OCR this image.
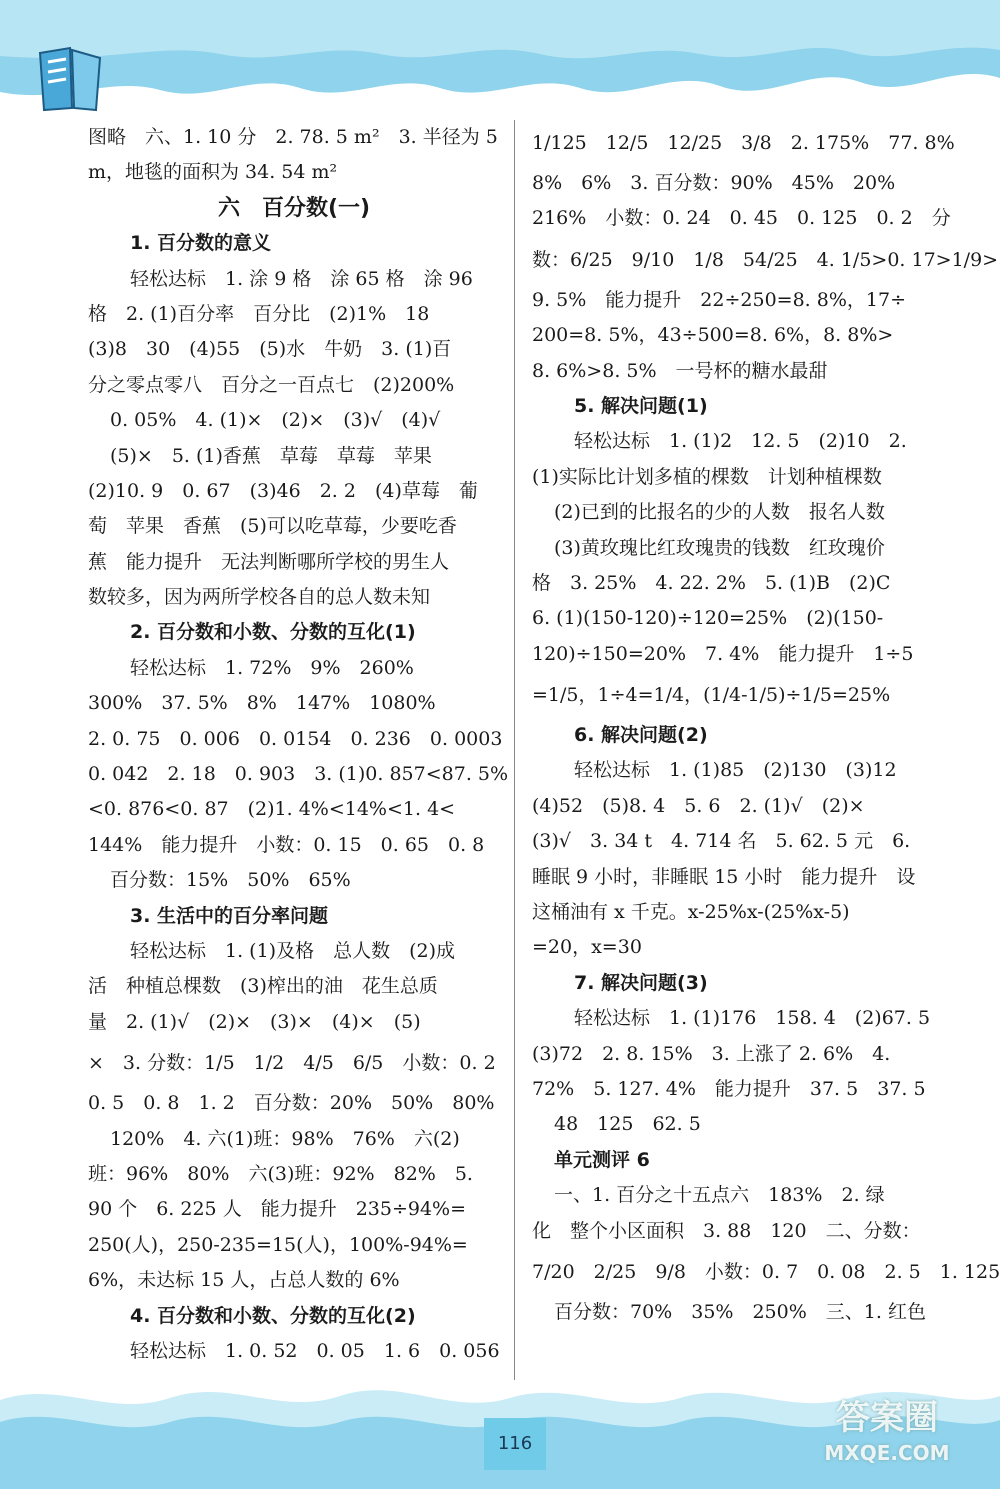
图略　六、1. 10 分　2. 78. 5 m²　3. 半径为 5
m，地毯的面积为 34. 54 m²
六　百分数(一)
1. 百分数的意义
轻松达标　1. 涂 9 格　涂 65 格　涂 96
格　2. (1)百分率　百分比　(2)1%　18
(3)8　30　(4)55　(5)水　牛奶　3. (1)百
分之零点零八　百分之一百点七　(2)200%
0. 05%　4. (1)×　(2)×　(3)√　(4)√
(5)×　5. (1)香蕉　草莓　草莓　苹果
(2)10. 9　0. 67　(3)46　2. 2　(4)草莓　葡
萄　苹果　香蕉　(5)可以吃草莓，少要吃香
蕉　能力提升　无法判断哪所学校的男生人
数较多，因为两所学校各自的总人数未知
2. 百分数和小数、分数的互化(1)
轻松达标　1. 72%　9%　260%
300%　37. 5%　8%　147%　1080%
2. 0. 75　0. 006　0. 0154　0. 236　0. 0003
0. 042　2. 18　0. 903　3. (1)0. 857<87. 5%
<0. 876<0. 87　(2)1. 4%<14%<1. 4<
144%　能力提升　小数：0. 15　0. 65　0. 8
百分数：15%　50%　65%
3. 生活中的百分率问题
轻松达标　1. (1)及格　总人数　(2)成
活　种植总棵数　(3)榨出的油　花生总质
量　2. (1)√　(2)×　(3)×　(4)×　(5)
×　3. 分数：1/5　1/2　4/5　6/5　小数：0. 2
0. 5　0. 8　1. 2　百分数：20%　50%　80%
120%　4. 六(1)班：98%　76%　六(2)
班：96%　80%　六(3)班：92%　82%　5.
90 个　6. 225 人　能力提升　235÷94%=
250(人)，250-235=15(人)，100%-94%=
6%，未达标 15 人，占总人数的 6%
4. 百分数和小数、分数的互化(2)
轻松达标　1. 0. 52　0. 05　1. 6　0. 056
1/125　12/5　12/25　3/8　2. 175%　77. 8%
8%　6%　3. 百分数：90%　45%　20%
216%　小数：0. 24　0. 45　0. 125　0. 2　分
数：6/25　9/10　1/8　54/25　4. 1/5>0. 17>1/9>
9. 5%　能力提升　22÷250=8. 8%，17÷
200=8. 5%，43÷500=8. 6%，8. 8%>
8. 6%>8. 5%　一号杯的糖水最甜
5. 解决问题(1)
轻松达标　1. (1)2　12. 5　(2)10　2.
(1)实际比计划多植的棵数　计划种植棵数
(2)已到的比报名的少的人数　报名人数
(3)黄玫瑰比红玫瑰贵的钱数　红玫瑰价
格　3. 25%　4. 22. 2%　5. (1)B　(2)C
6. (1)(150-120)÷120=25%　(2)(150-
120)÷150=20%　7. 4%　能力提升　1÷5
=1/5，1÷4=1/4，(1/4-1/5)÷1/5=25%
6. 解决问题(2)
轻松达标　1. (1)85　(2)130　(3)12
(4)52　(5)8. 4　5. 6　2. (1)√　(2)×
(3)√　3. 34 t　4. 714 名　5. 62. 5 元　6.
睡眠 9 小时，非睡眠 15 小时　能力提升　设
这桶油有 x 千克。x-25%x-(25%x-5)
=20，x=30
7. 解决问题(3)
轻松达标　1. (1)176　158. 4　(2)67. 5
(3)72　2. 8. 15%　3. 上涨了 2. 6%　4.
72%　5. 127. 4%　能力提升　37. 5　37. 5
48　125　62. 5
单元测评 6
一、1. 百分之十五点六　183%　2. 绿
化　整个小区面积　3. 88　120　二、分数：
7/20　2/25　9/8　小数：0. 7　0. 08　2. 5　1. 125
百分数：70%　35%　250%　三、1. 红色
116
答案圈
MXQE.COM
